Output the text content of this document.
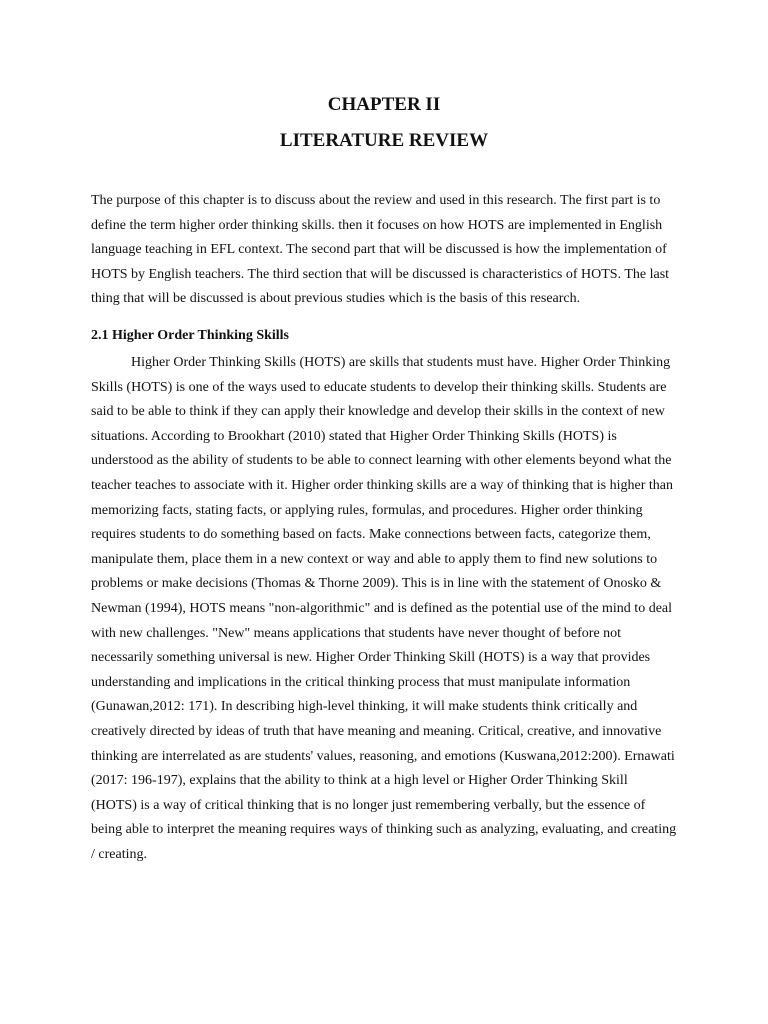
CHAPTER II
LITERATURE REVIEW

The purpose of this chapter is to discuss about the review and used in this research. The first part is to define the term higher order thinking skills. then it focuses on how HOTS are implemented in English language teaching in EFL context. The second part that will be discussed is how the implementation of HOTS by English teachers. The third section that will be discussed is characteristics of HOTS. The last thing that will be discussed is about previous studies which is the basis of this research.

2.1 Higher Order Thinking Skills

Higher Order Thinking Skills (HOTS) are skills that students must have. Higher Order Thinking Skills (HOTS) is one of the ways used to educate students to develop their thinking skills. Students are said to be able to think if they can apply their knowledge and develop their skills in the context of new situations. According to Brookhart (2010) stated that Higher Order Thinking Skills (HOTS) is understood as the ability of students to be able to connect learning with other elements beyond what the teacher teaches to associate with it. Higher order thinking skills are a way of thinking that is higher than memorizing facts, stating facts, or applying rules, formulas, and procedures. Higher order thinking requires students to do something based on facts. Make connections between facts, categorize them, manipulate them, place them in a new context or way and able to apply them to find new solutions to problems or make decisions (Thomas & Thorne 2009). This is in line with the statement of Onosko & Newman (1994), HOTS means "non-algorithmic" and is defined as the potential use of the mind to deal with new challenges. "New" means applications that students have never thought of before not necessarily something universal is new. Higher Order Thinking Skill (HOTS) is a way that provides understanding and implications in the critical thinking process that must manipulate information (Gunawan,2012: 171). In describing high-level thinking, it will make students think critically and creatively directed by ideas of truth that have meaning and meaning. Critical, creative, and innovative thinking are interrelated as are students' values, reasoning, and emotions (Kuswana,2012:200). Ernawati (2017: 196-197), explains that the ability to think at a high level or Higher Order Thinking Skill (HOTS) is a way of critical thinking that is no longer just remembering verbally, but the essence of being able to interpret the meaning requires ways of thinking such as analyzing, evaluating, and creating / creating.
